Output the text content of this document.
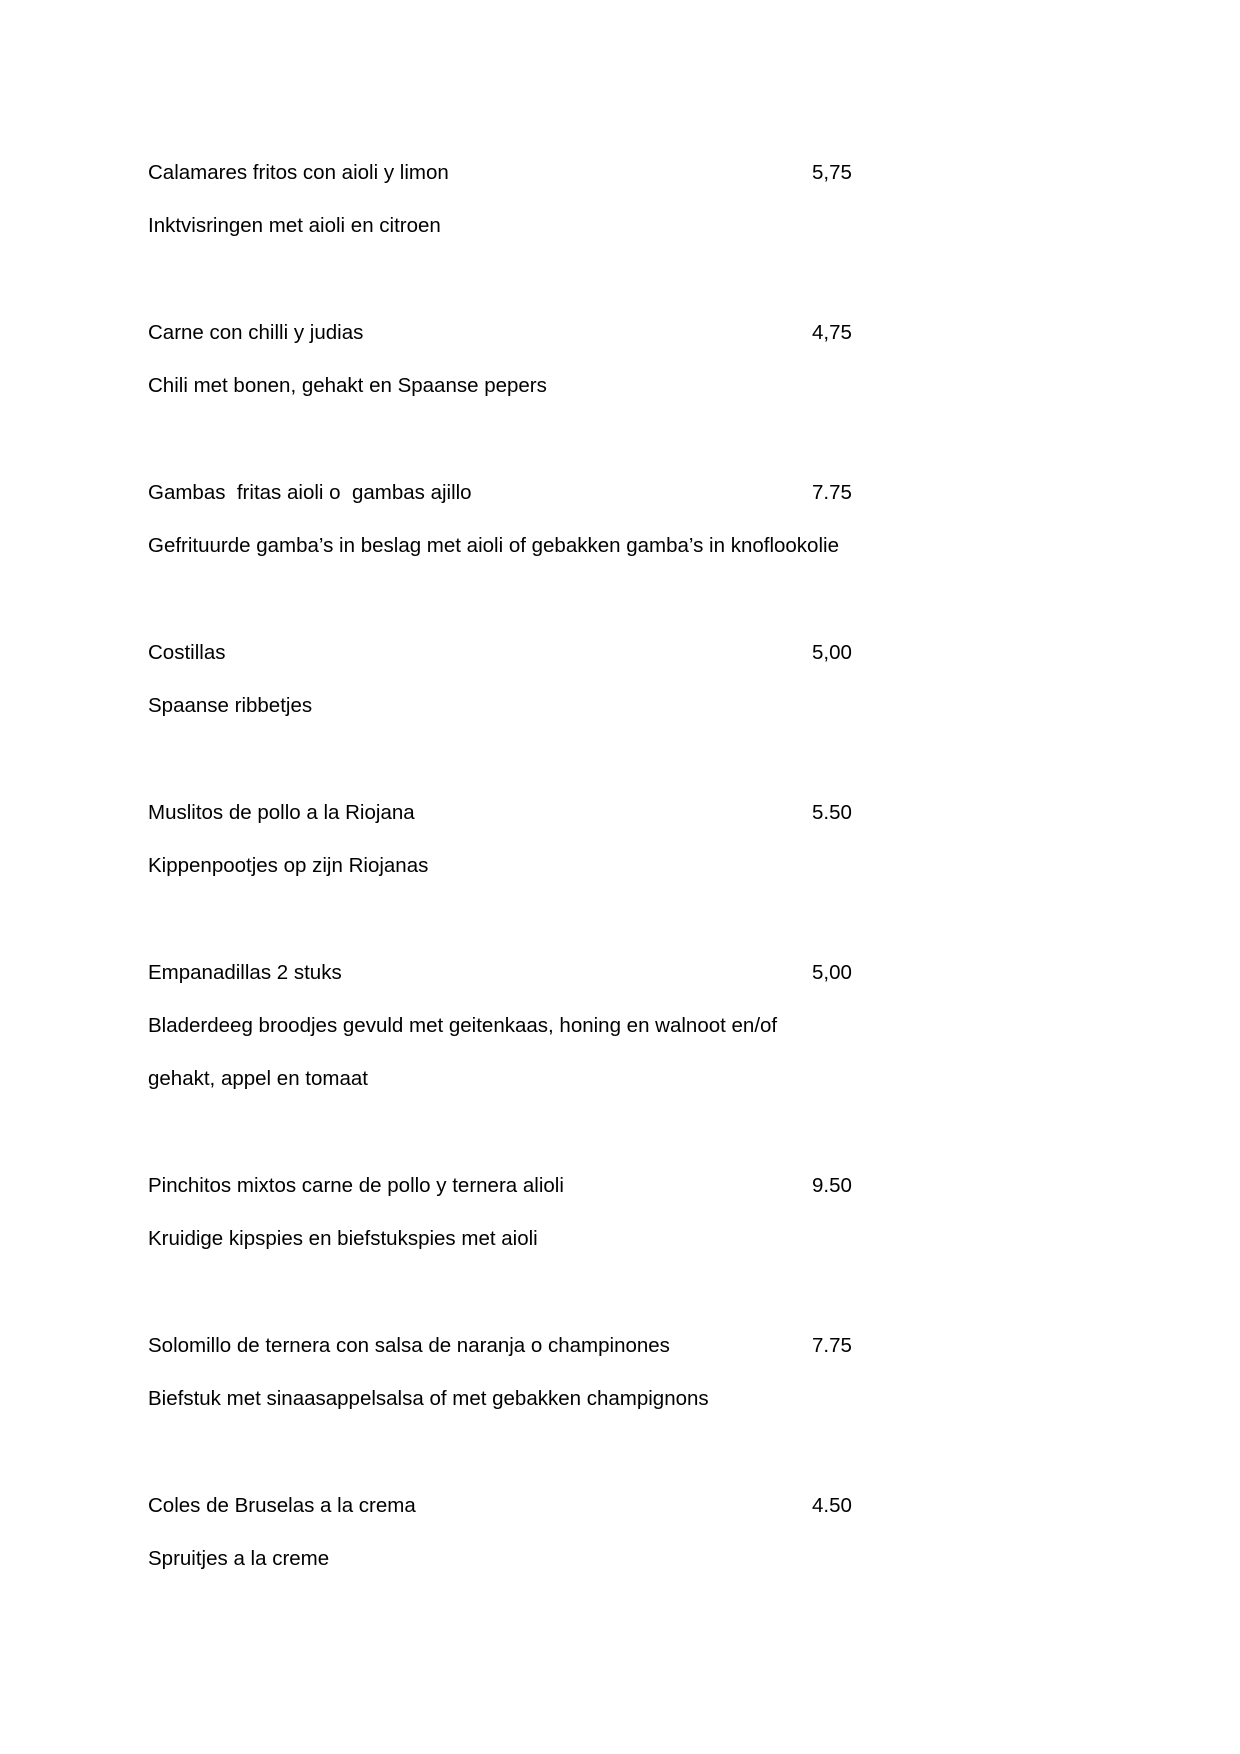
Calamares fritos con aioli y limon	5,75
Inktvisringen met aioli en citroen
Carne con chilli y judias	4,75
Chili met bonen, gehakt en Spaanse pepers
Gambas  fritas aioli o  gambas ajillo	7.75
Gefrituurde gamba’s in beslag met aioli of gebakken gamba’s in knoflookolie
Costillas	5,00
Spaanse ribbetjes
Muslitos de pollo a la Riojana	5.50
Kippenpootjes op zijn Riojanas
Empanadillas 2 stuks	5,00
Bladerdeeg broodjes gevuld met geitenkaas, honing en walnoot en/of
gehakt, appel en tomaat
Pinchitos mixtos carne de pollo y ternera alioli	9.50
Kruidige kipspies en biefstukspies met aioli
Solomillo de ternera con salsa de naranja o champinones	7.75
Biefstuk met sinaasappelsalsa of met gebakken champignons
Coles de Bruselas a la crema	4.50
Spruitjes a la creme
